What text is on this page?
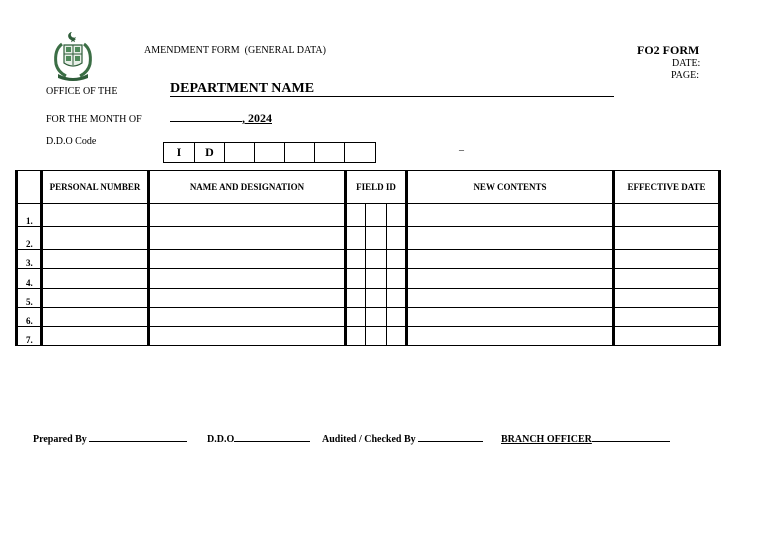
AMENDMENT FORM  (GENERAL DATA)	FO2 FORM
DATE:
PAGE:
OFFICE OF THE	DEPARTMENT NAME
FOR THE MONTH OF	, 2024
D.D.O Code
I	D	_
	PERSONAL NUMBER	NAME AND DESIGNATION	FIELD ID			NEW CONTENTS	EFFECTIVE DATE
1.							
2.							
3.							
4.							
5.							
6.							
7.							
Prepared By	D.D.O	Audited / Checked By	BRANCH OFFICER
